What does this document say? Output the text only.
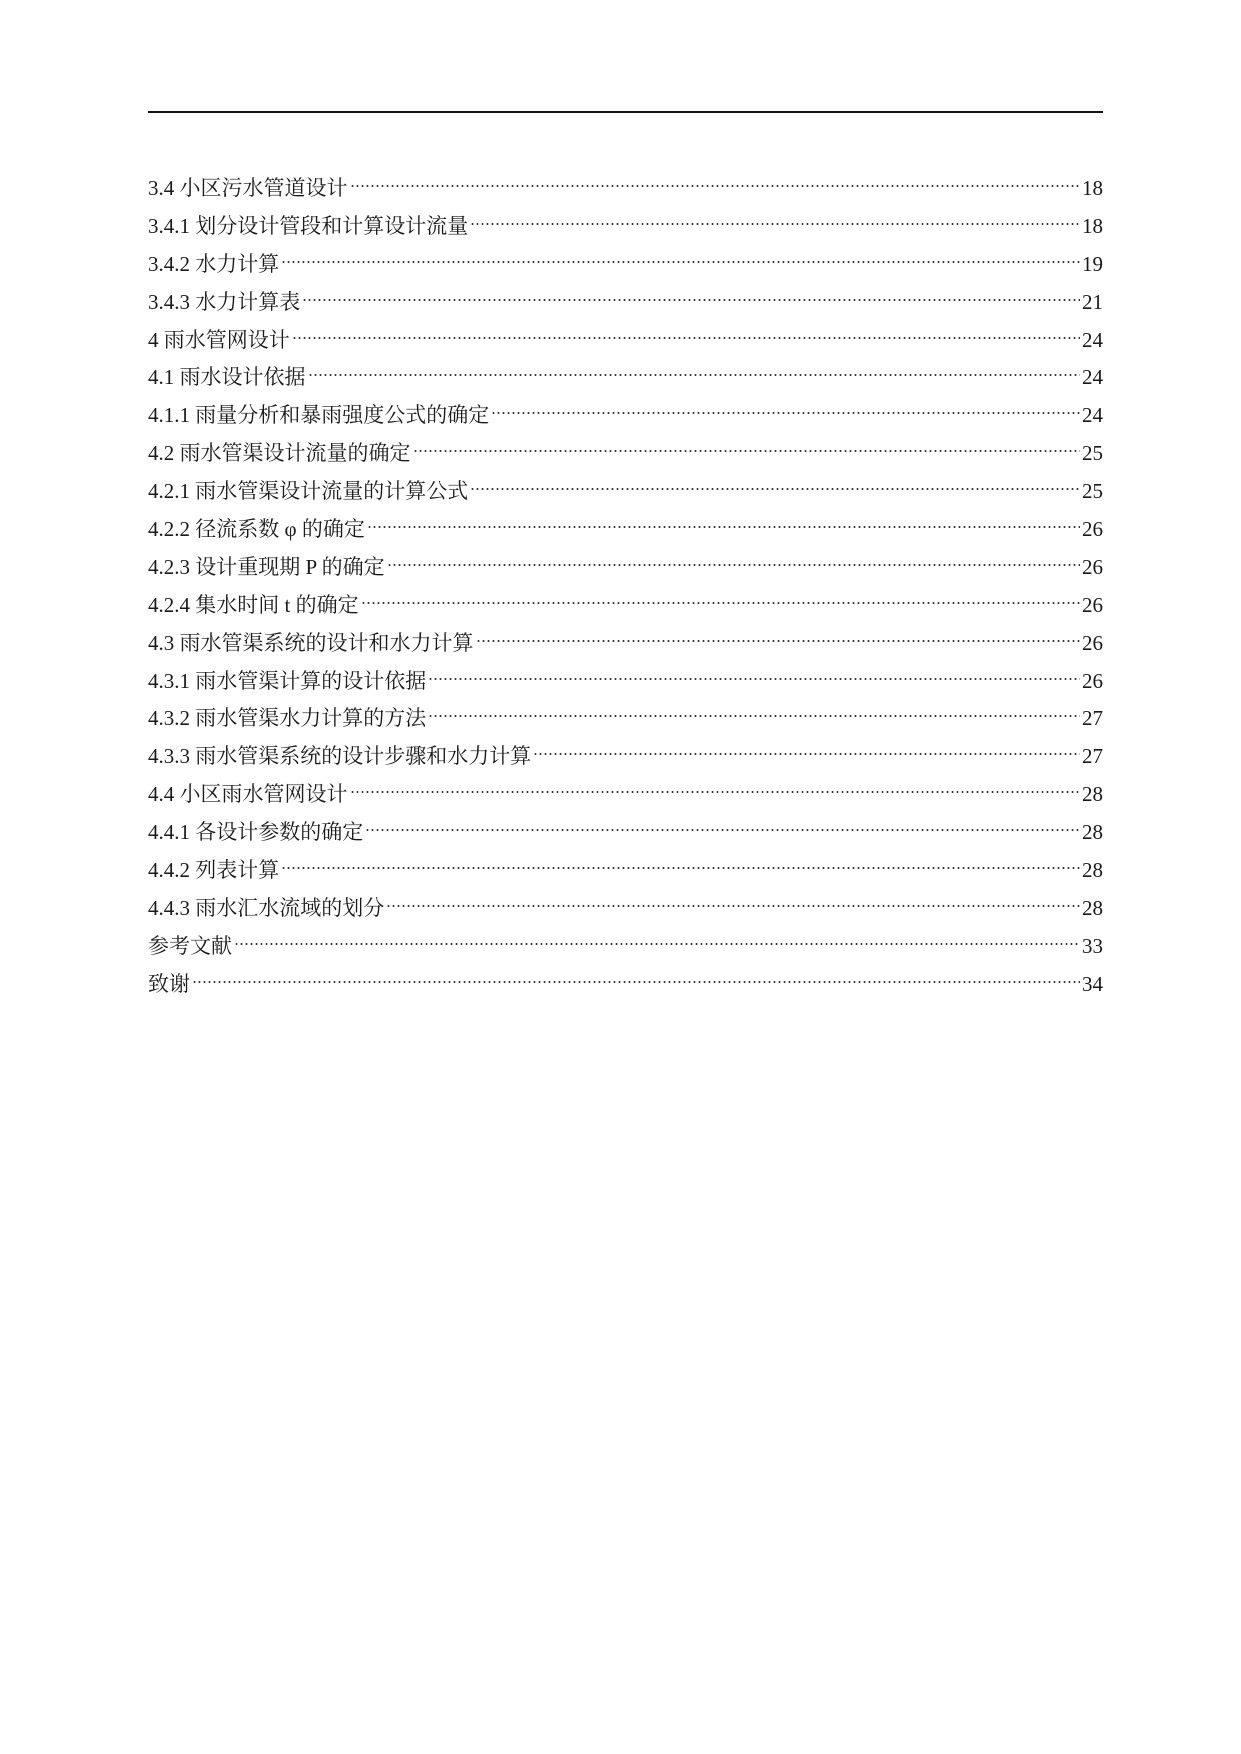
3.4 小区污水管道设计	18
3.4.1 划分设计管段和计算设计流量	18
3.4.2 水力计算	19
3.4.3 水力计算表	21
4 雨水管网设计	24
4.1 雨水设计依据	24
4.1.1 雨量分析和暴雨强度公式的确定	24
4.2 雨水管渠设计流量的确定	25
4.2.1 雨水管渠设计流量的计算公式	25
4.2.2 径流系数 φ 的确定	26
4.2.3 设计重现期 P 的确定	26
4.2.4 集水时间 t 的确定	26
4.3 雨水管渠系统的设计和水力计算	26
4.3.1 雨水管渠计算的设计依据	26
4.3.2 雨水管渠水力计算的方法	27
4.3.3 雨水管渠系统的设计步骤和水力计算	27
4.4 小区雨水管网设计	28
4.4.1 各设计参数的确定	28
4.4.2 列表计算	28
4.4.3 雨水汇水流域的划分	28
参考文献	33
致谢	34
